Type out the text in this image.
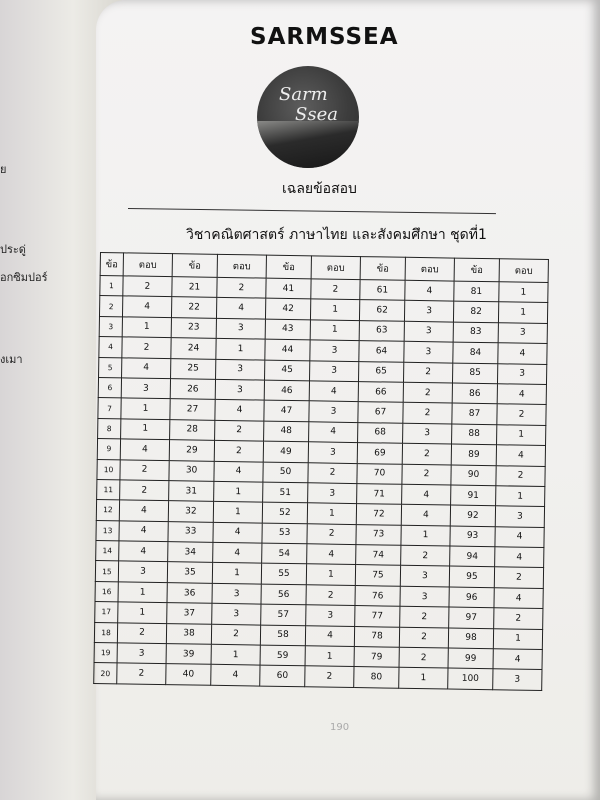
ย
ประดู่
อกซิมปอร์
งเมา
SARMSSEA
Sarm
Ssea
เฉลยข้อสอบ
วิชาคณิตศาสตร์ ภาษาไทย และสังคมศึกษา ชุดที่1
ข้อ	ตอบ	ข้อ	ตอบ	ข้อ	ตอบ	ข้อ	ตอบ	ข้อ	ตอบ
1	2	21	2	41	2	61	4	81	1
2	4	22	4	42	1	62	3	82	1
3	1	23	3	43	1	63	3	83	3
4	2	24	1	44	3	64	3	84	4
5	4	25	3	45	3	65	2	85	3
6	3	26	3	46	4	66	2	86	4
7	1	27	4	47	3	67	2	87	2
8	1	28	2	48	4	68	3	88	1
9	4	29	2	49	3	69	2	89	4
10	2	30	4	50	2	70	2	90	2
11	2	31	1	51	3	71	4	91	1
12	4	32	1	52	1	72	4	92	3
13	4	33	4	53	2	73	1	93	4
14	4	34	4	54	4	74	2	94	4
15	3	35	1	55	1	75	3	95	2
16	1	36	3	56	2	76	3	96	4
17	1	37	3	57	3	77	2	97	2
18	2	38	2	58	4	78	2	98	1
19	3	39	1	59	1	79	2	99	4
20	2	40	4	60	2	80	1	100	3
190
